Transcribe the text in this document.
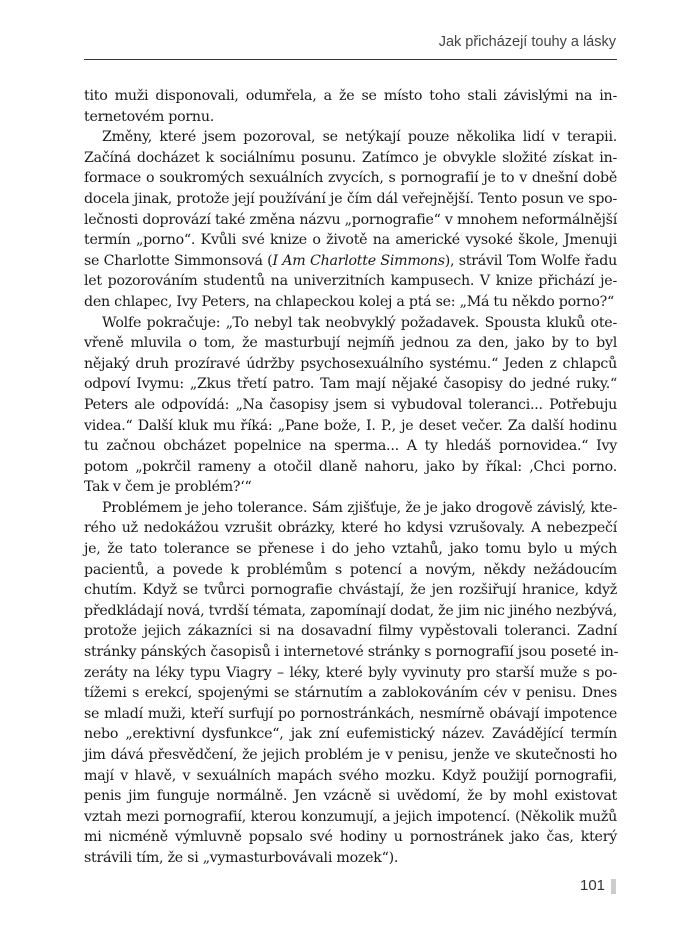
Jak přicházejí touhy a lásky
tito muži disponovali, odumřela, a že se místo toho stali závislými na in-
ternetovém pornu.
Změny, které jsem pozoroval, se netýkají pouze několika lidí v terapii.
Začíná docházet k sociálnímu posunu. Zatímco je obvykle složité získat in-
formace o soukromých sexuálních zvycích, s pornografií je to v dnešní době
docela jinak, protože její používání je čím dál veřejnější. Tento posun ve spo-
lečnosti doprovází také změna názvu „pornografie“ v mnohem neformálnější
termín „porno“. Kvůli své knize o životě na americké vysoké škole, Jmenuji
se Charlotte Simmonsová (I Am Charlotte Simmons), strávil Tom Wolfe řadu
let pozorováním studentů na univerzitních kampusech. V knize přichází je-
den chlapec, Ivy Peters, na chlapeckou kolej a ptá se: „Má tu někdo porno?“
Wolfe pokračuje: „To nebyl tak neobvyklý požadavek. Spousta kluků ote-
vřeně mluvila o tom, že masturbují nejmíň jednou za den, jako by to byl
nějaký druh prozíravé údržby psychosexuálního systému.“ Jeden z chlapců
odpoví Ivymu: „Zkus třetí patro. Tam mají nějaké časopisy do jedné ruky.“
Peters ale odpovídá: „Na časopisy jsem si vybudoval toleranci... Potřebuju
videa.“ Další kluk mu říká: „Pane bože, I. P., je deset večer. Za další hodinu
tu začnou obcházet popelnice na sperma... A ty hledáš pornovidea.“ Ivy
potom „pokrčil rameny a otočil dlaně nahoru, jako by říkal: ‚Chci porno.
Tak v čem je problém?‘“
Problémem je jeho tolerance. Sám zjišťuje, že je jako drogově závislý, kte-
rého už nedokážou vzrušit obrázky, které ho kdysi vzrušovaly. A nebezpečí
je, že tato tolerance se přenese i do jeho vztahů, jako tomu bylo u mých
pacientů, a povede k problémům s potencí a novým, někdy nežádoucím
chutím. Když se tvůrci pornografie chvástají, že jen rozšiřují hranice, když
předkládají nová, tvrdší témata, zapomínají dodat, že jim nic jiného nezbývá,
protože jejich zákazníci si na dosavadní filmy vypěstovali toleranci. Zadní
stránky pánských časopisů i internetové stránky s pornografií jsou poseté in-
zeráty na léky typu Viagry – léky, které byly vyvinuty pro starší muže s po-
tížemi s erekcí, spojenými se stárnutím a zablokováním cév v penisu. Dnes
se mladí muži, kteří surfují po pornostránkách, nesmírně obávají impotence
nebo „erektivní dysfunkce“, jak zní eufemistický název. Zavádějící termín
jim dává přesvědčení, že jejich problém je v penisu, jenže ve skutečnosti ho
mají v hlavě, v sexuálních mapách svého mozku. Když použijí pornografii,
penis jim funguje normálně. Jen vzácně si uvědomí, že by mohl existovat
vztah mezi pornografií, kterou konzumují, a jejich impotencí. (Několik mužů
mi nicméně výmluvně popsalo své hodiny u pornostránek jako čas, který
strávili tím, že si „vymasturbovávali mozek“).
101
